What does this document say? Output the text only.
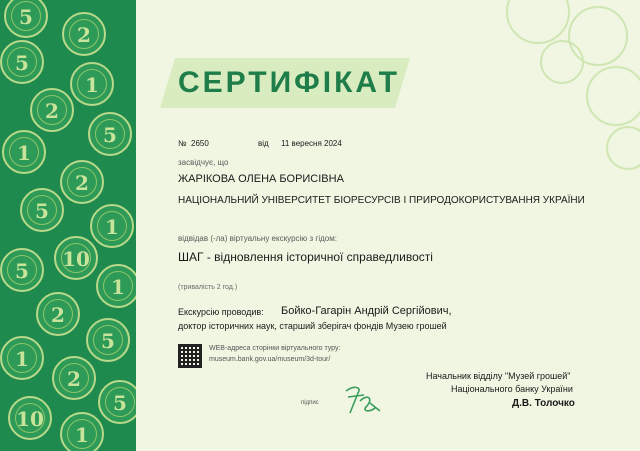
5
2
5
1
2
5
1
2
5
1
10
5
1
2
5
1
2
5
10
1
СЕРТИФІКАТ
№ 2650	від 11 вересня 2024
засвідчує, що
ЖАРІКОВА ОЛЕНА БОРИСІВНА
НАЦІОНАЛЬНИЙ УНІВЕРСИТЕТ БІОРЕСУРСІВ І ПРИРОДОКОРИСТУВАННЯ УКРАЇНИ
відвідав (-ла) віртуальну екскурсію з гідом:
ШАГ - відновлення історичної справедливості
(тривалість 2 год.)
Екскурсію проводив: Бойко-Гагарін Андрій Сергійович,
доктор історичних наук, старший зберігач фондів Музею грошей
WEB-адреса сторінки віртуального туру:
museum.bank.gov.ua/museum/3d-tour/
підпис
Начальник відділу "Музей грошей"
Національного банку України
Д.В. Толочко
